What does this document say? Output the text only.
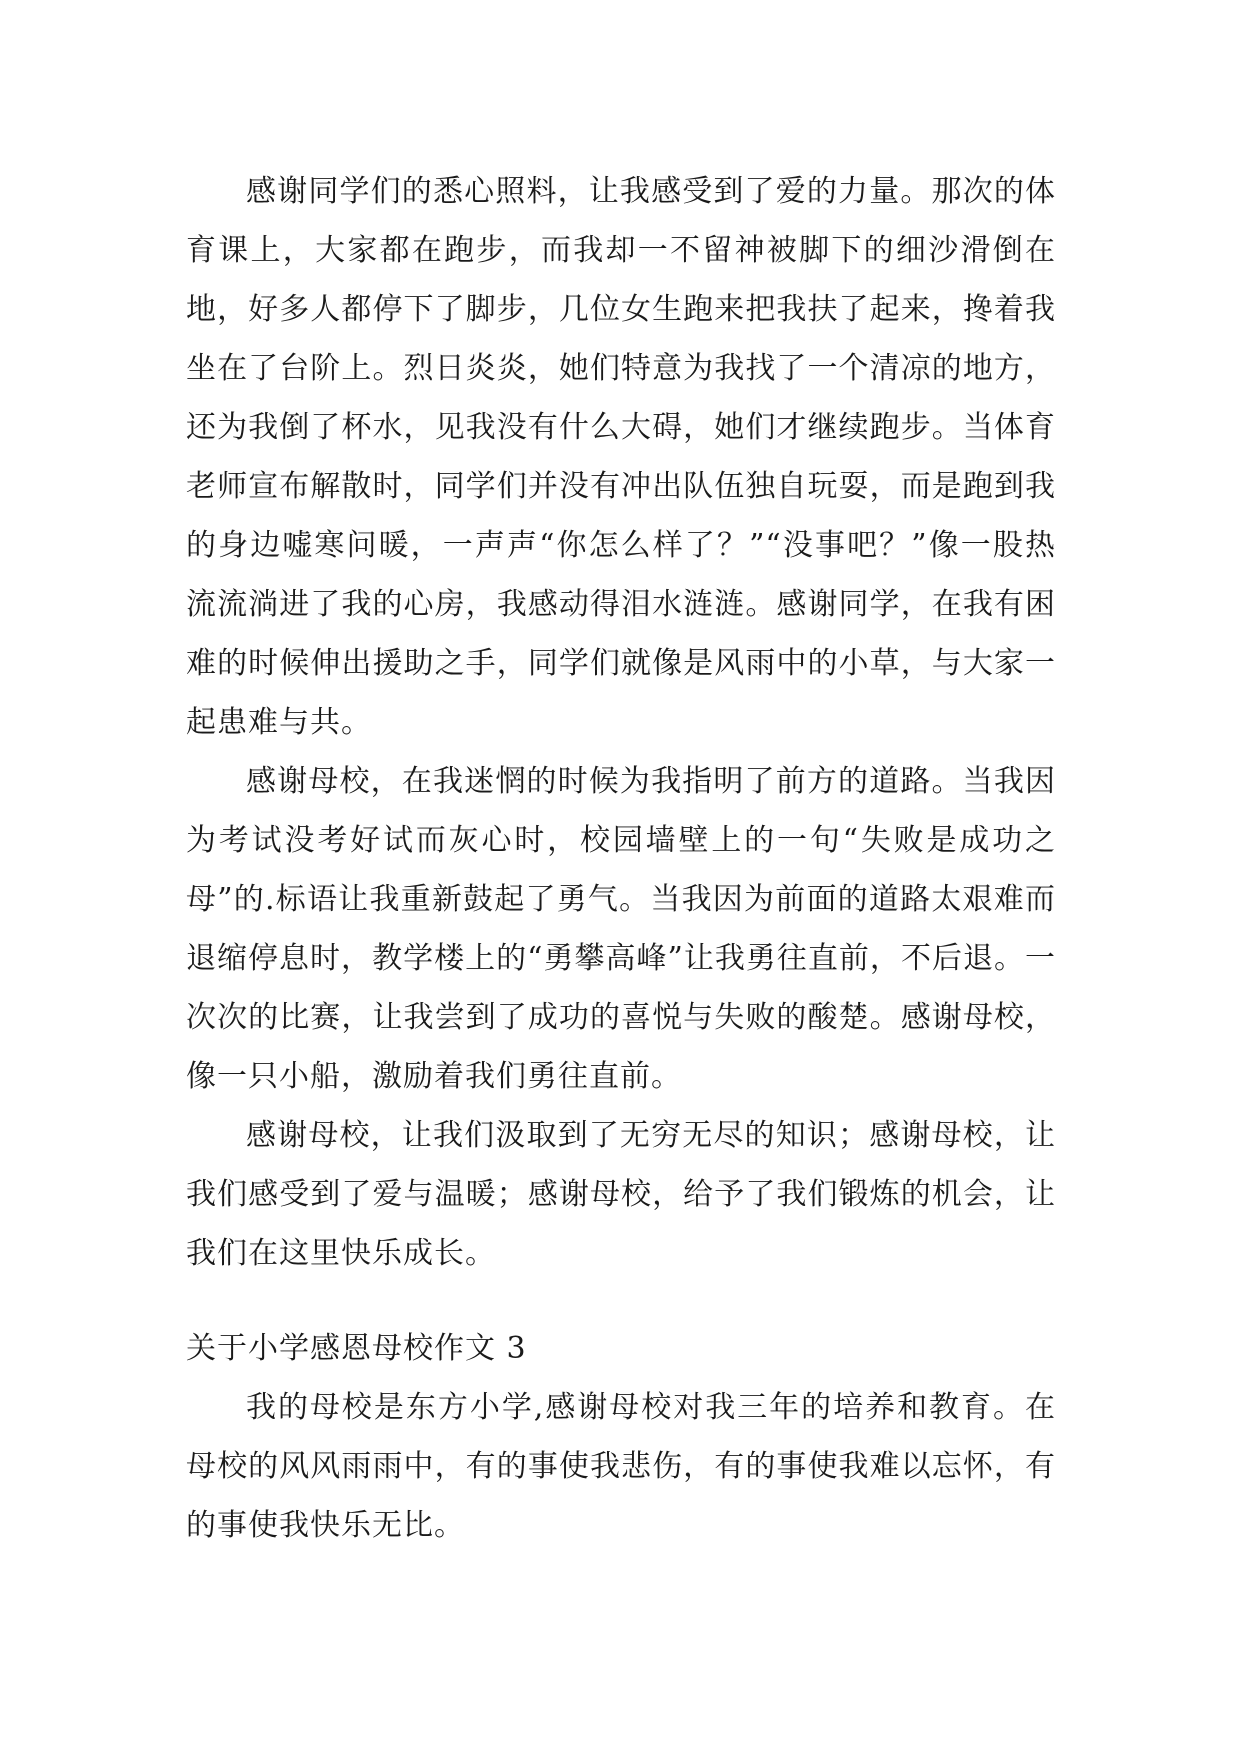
感谢同学们的悉心照料，让我感受到了爱的力量。那次的体育课上，大家都在跑步，而我却一不留神被脚下的细沙滑倒在地，好多人都停下了脚步，几位女生跑来把我扶了起来，搀着我坐在了台阶上。烈日炎炎，她们特意为我找了一个清凉的地方，还为我倒了杯水，见我没有什么大碍，她们才继续跑步。当体育老师宣布解散时，同学们并没有冲出队伍独自玩耍，而是跑到我的身边嘘寒问暖，一声声“你怎么样了？”“没事吧？”像一股热流流淌进了我的心房，我感动得泪水涟涟。感谢同学，在我有困难的时候伸出援助之手，同学们就像是风雨中的小草，与大家一起患难与共。

感谢母校，在我迷惘的时候为我指明了前方的道路。当我因为考试没考好试而灰心时，校园墙壁上的一句“失败是成功之母”的.标语让我重新鼓起了勇气。当我因为前面的道路太艰难而退缩停息时，教学楼上的“勇攀高峰”让我勇往直前，不后退。一次次的比赛，让我尝到了成功的喜悦与失败的酸楚。感谢母校，像一只小船，激励着我们勇往直前。

感谢母校，让我们汲取到了无穷无尽的知识；感谢母校，让我们感受到了爱与温暖；感谢母校，给予了我们锻炼的机会，让我们在这里快乐成长。

关于小学感恩母校作文 3

我的母校是东方小学,感谢母校对我三年的培养和教育。在母校的风风雨雨中，有的事使我悲伤，有的事使我难以忘怀，有的事使我快乐无比。
